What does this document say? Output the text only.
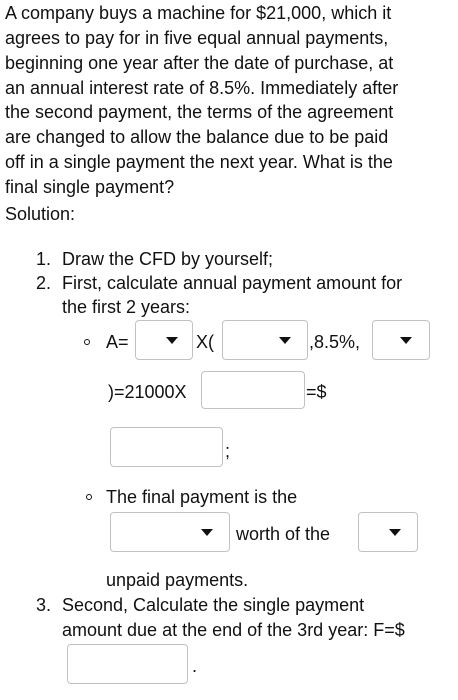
A company buys a machine for $21,000, which it
agrees to pay for in five equal annual payments,
beginning one year after the date of purchase, at
an annual interest rate of 8.5%. Immediately after
the second payment, the terms of the agreement
are changed to allow the balance due to be paid
off in a single payment the next year. What is the
final single payment?
Solution:
1. Draw the CFD by yourself;
2. First, calculate annual payment amount for
the first 2 years:
A=	X(	,8.5%,
)=21000X	=$
;
The final payment is the
worth of the
unpaid payments.
3. Second, Calculate the single payment
amount due at the end of the 3rd year: F=$
.
